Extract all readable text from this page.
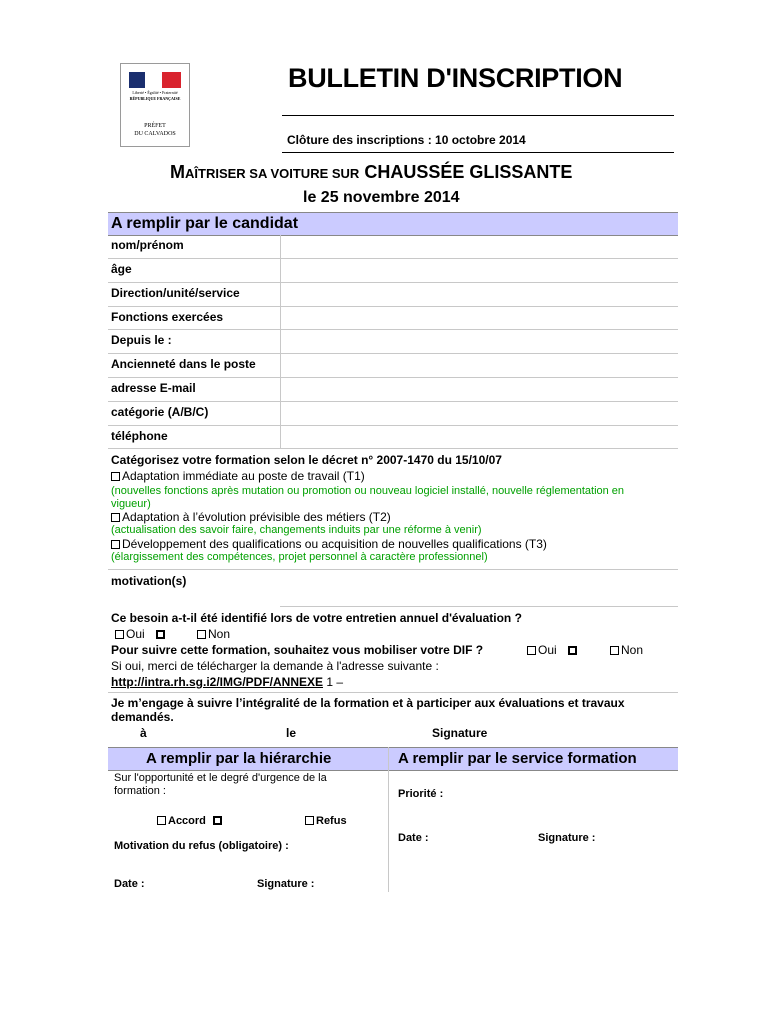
Liberté • Égalité • Fraternité
RÉPUBLIQUE FRANÇAISE
PRÉFET
DU CALVADOS
BULLETIN D'INSCRIPTION
Clôture des inscriptions : 10 octobre 2014
MAÎTRISER SA VOITURE SUR CHAUSSÉE GLISSANTE
le 25 novembre 2014
A remplir par le candidat
nom/prénom
âge
Direction/unité/service
Fonctions exercées
Depuis le :
Ancienneté dans le poste
adresse E-mail
catégorie (A/B/C)
téléphone
Catégorisez votre formation selon le décret n° 2007-1470 du 15/10/07
Adaptation immédiate au poste de travail (T1)
(nouvelles fonctions après mutation ou promotion ou nouveau logiciel installé, nouvelle réglementation en
vigueur)
Adaptation à l’évolution prévisible des métiers (T2)
(actualisation des savoir faire, changements induits par une réforme à venir)
Développement des qualifications ou acquisition de nouvelles qualifications (T3)
(élargissement des compétences, projet personnel à caractère professionnel)
motivation(s)
Ce besoin a-t-il été identifié lors de votre entretien annuel d'évaluation ?
Oui	Non
Pour suivre cette formation, souhaitez vous mobiliser votre DIF ?	Oui	Non
Si oui, merci de télécharger la demande à l'adresse suivante :
http://intra.rh.sg.i2/IMG/PDF/ANNEXE 1 –
Je m’engage à suivre l’intégralité de la formation et à participer aux évaluations et travaux
demandés.
à	le	Signature
A remplir par la hiérarchie	A remplir par le service formation
Sur l'opportunité et le degré d'urgence de la
formation :
Accord	Refus
Motivation du refus (obligatoire) :
Date :	Signature :
Priorité :
Date :	Signature :
